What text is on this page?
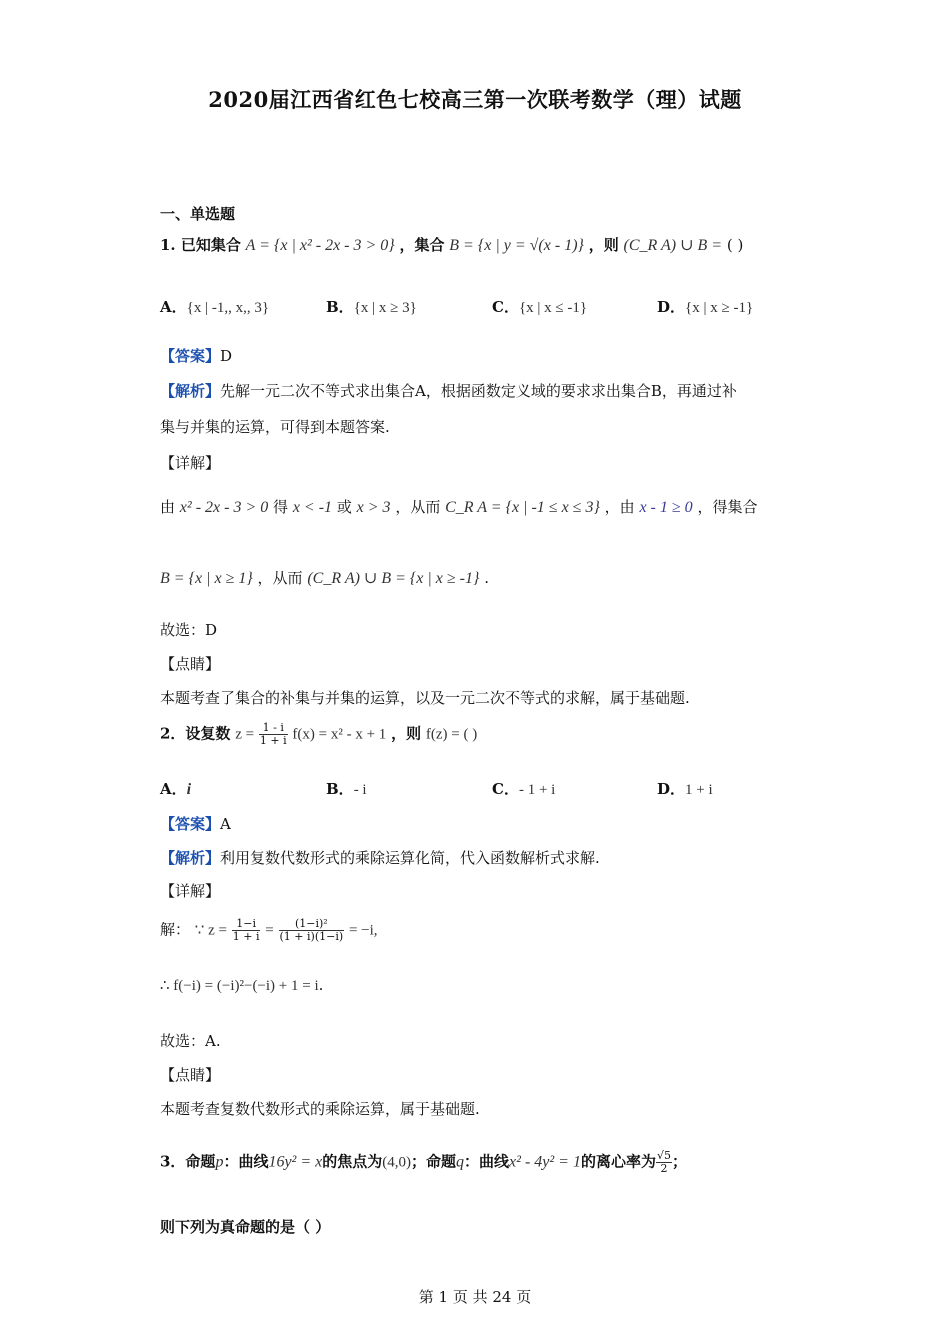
2020届江西省红色七校高三第一次联考数学（理）试题
一、单选题
1. 已知集合 A = {x | x² - 2x - 3 > 0} ，集合 B = {x | y = √(x - 1)} ，则 (C_R A) ∪ B = ( )
A．{x | -1,, x,, 3}	B．{x | x ≥ 3}	C．{x | x ≤ -1}	D．{x | x ≥ -1}
【答案】D
【解析】先解一元二次不等式求出集合A，根据函数定义域的要求求出集合B，再通过补
集与并集的运算，可得到本题答案.
【详解】
由 x² - 2x - 3 > 0 得 x < -1 或 x > 3 ，从而 C_R A = {x | -1 ≤ x ≤ 3} ，由 x - 1 ≥ 0 ，得集合
B = {x | x ≥ 1} ，从而 (C_R A) ∪ B = {x | x ≥ -1} .
故选：D
【点睛】
本题考查了集合的补集与并集的运算，以及一元二次不等式的求解，属于基础题.
2．设复数 $z = \frac{1 - i}{1 + i} f(x) = x^2 - x + 1$ ，则 f(z) = ( )
A．i	B．- i	C．- 1 + i	D．1 + i
【答案】A
【解析】利用复数代数形式的乘除运算化简，代入函数解析式求解.
【详解】
解： ∵ $z = \frac{1-i}{1 + i} = \frac{\text{(1−i)²}}{(1 + i)(1-i)} = -i$,
∴ f(−i) = (−i)²−(−i) + 1 = i.
故选：A.
【点睛】
本题考查复数代数形式的乘除运算，属于基础题.
3．命题p：曲线16y² = x的焦点为(4,0)；命题q：曲线x² - 4y² = 1的离心率为 $\frac{√5}{2}$ ；
则下列为真命题的是（ ）
第 1 页 共 24 页
